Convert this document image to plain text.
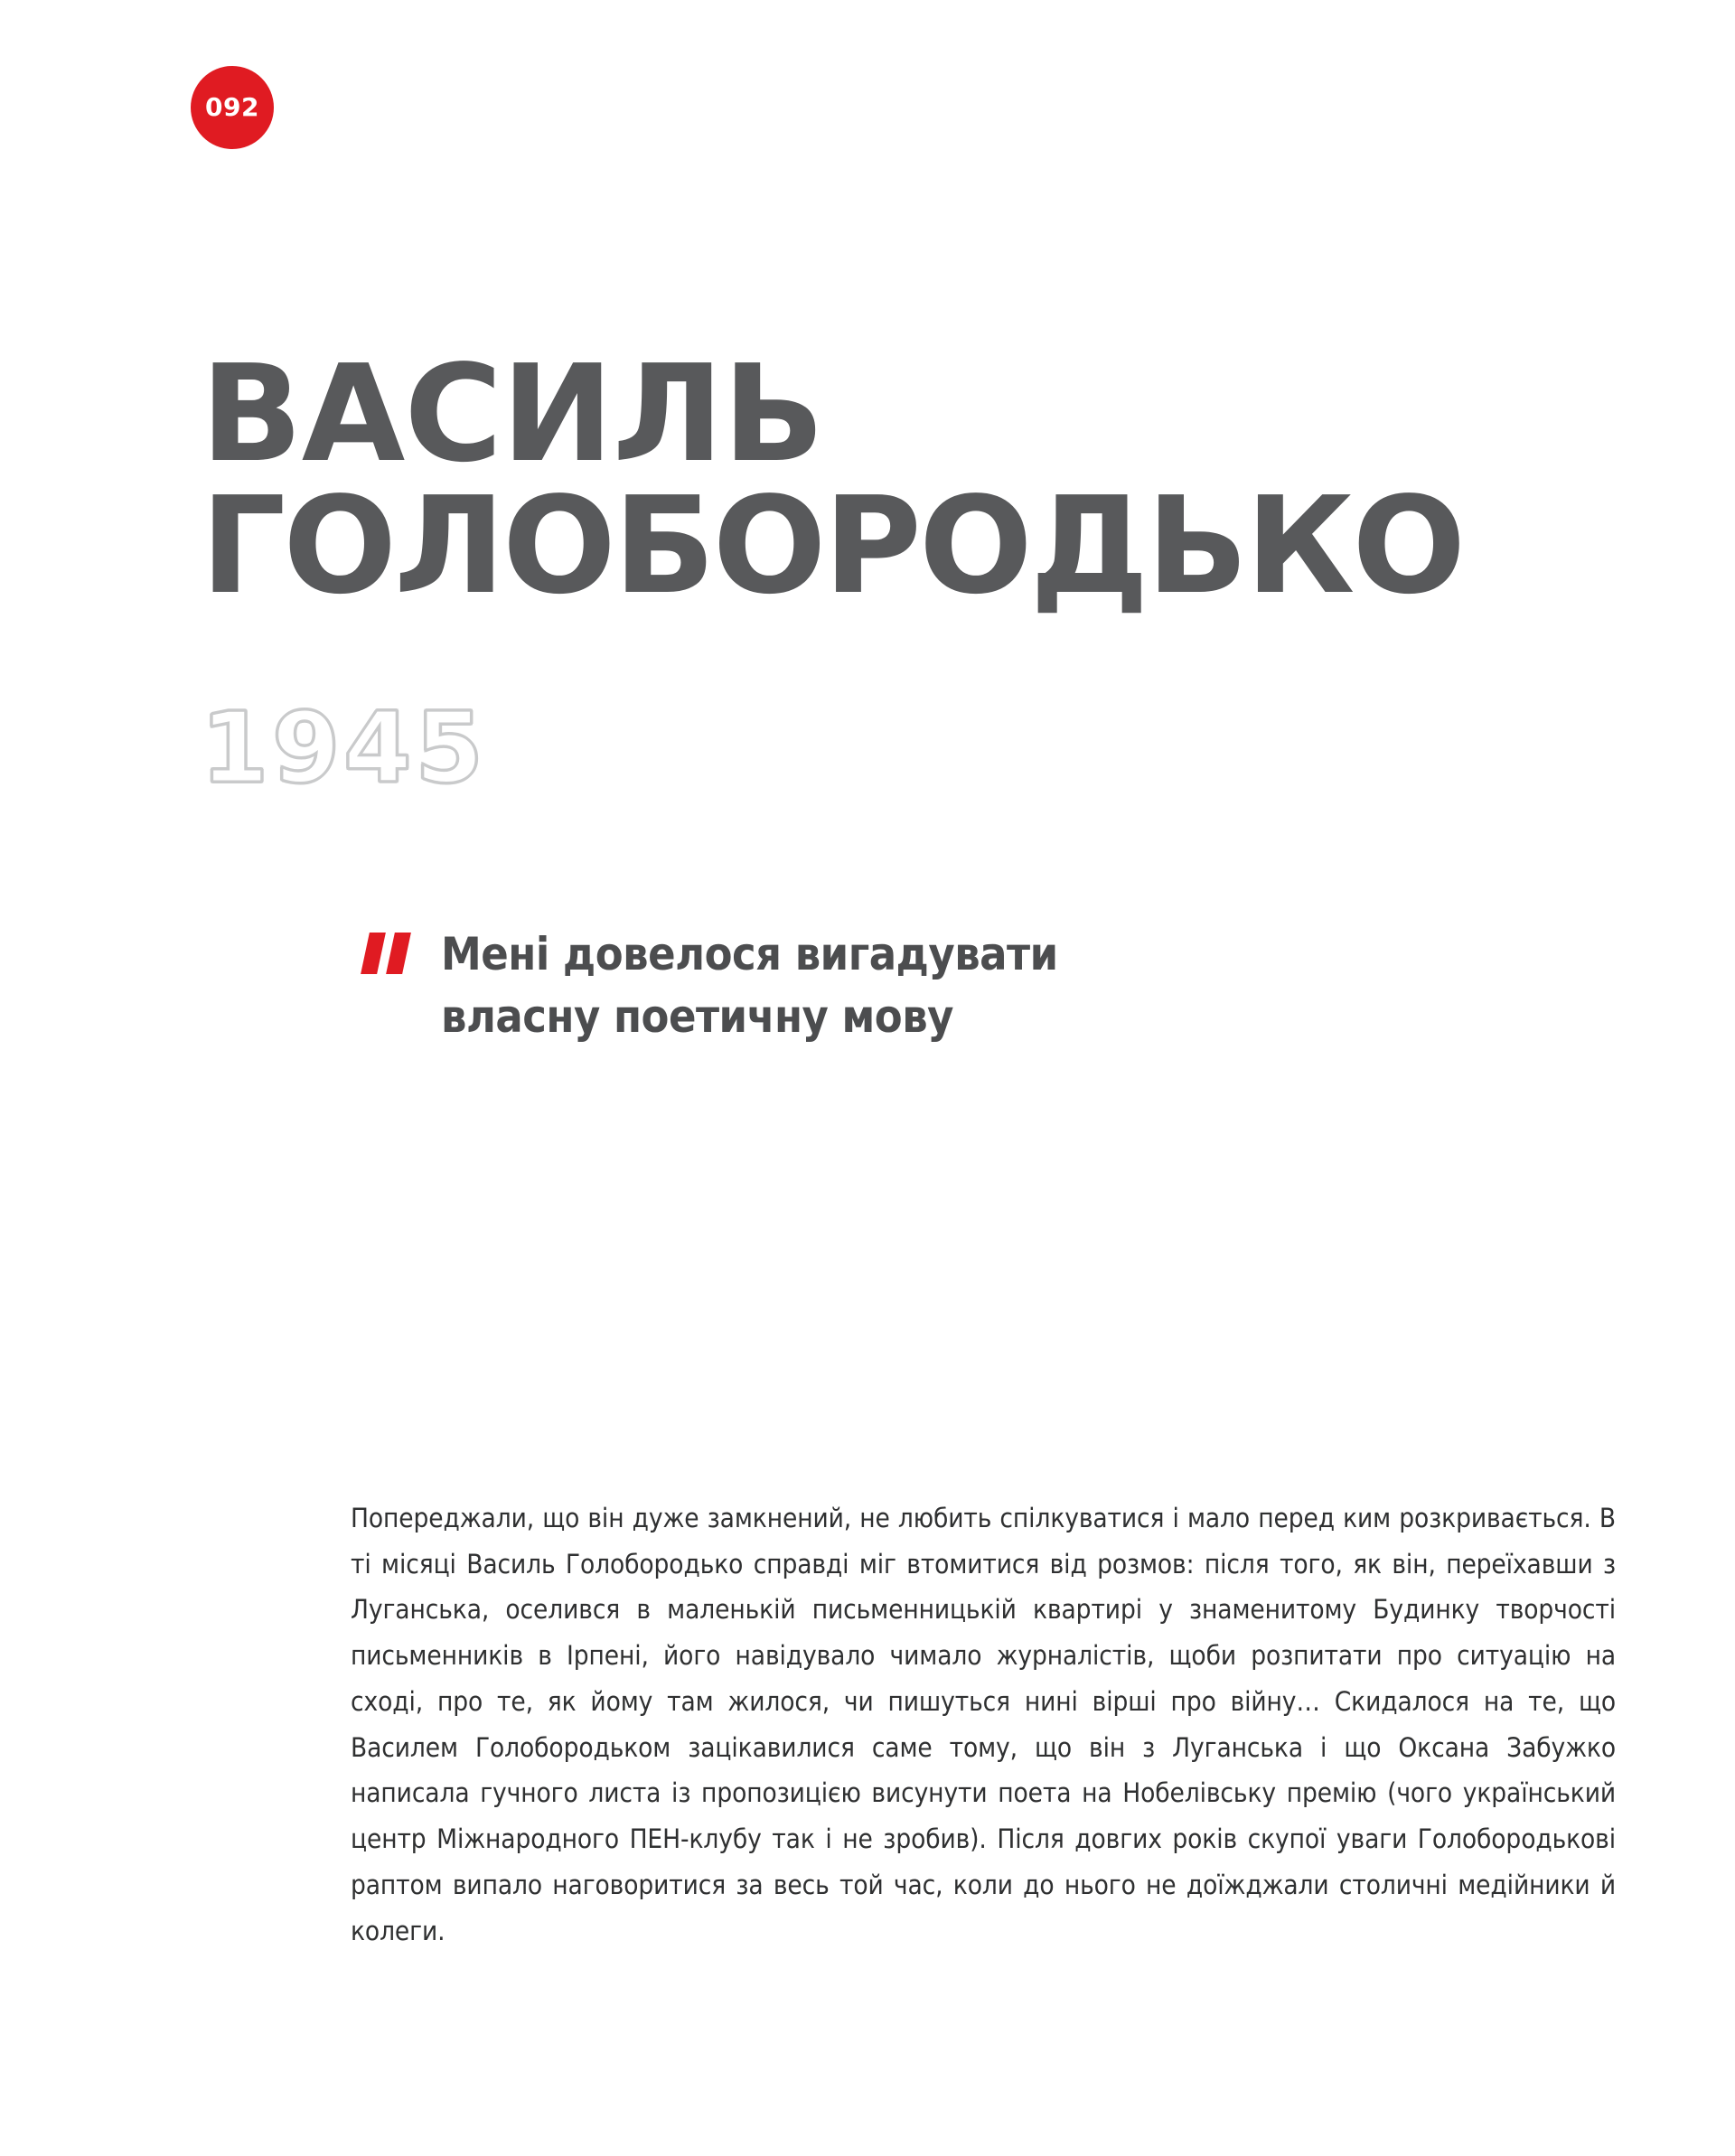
092
ВАСИЛЬ
ГОЛОБОРОДЬКО
1945
Мені довелося вигадувати
власну поетичну мову

Попереджали, що він дуже замкнений, не любить спілкуватися і мало перед ким розкривається. В ті місяці Василь Голобородько справді міг втомитися від розмов: після того, як він, переїхавши з Луганська, оселився в маленькій письменницькій квартирі у знаменитому Будинку творчості письменників в Ірпені, його навідувало чимало журналістів, щоби розпитати про ситуацію на сході, про те, як йому там жилося, чи пишуться нині вірші про війну… Скидалося на те, що Василем Голобородьком зацікавилися саме тому, що він з Луганська і що Оксана Забужко написала гучного листа із пропозицією висунути поета на Нобелівську премію (чого український центр Міжнародного ПЕН-клубу так і не зробив). Після довгих років скупої уваги Голобородькові раптом випало наговоритися за весь той час, коли до нього не доїжджали столичні медійники й колеги.
